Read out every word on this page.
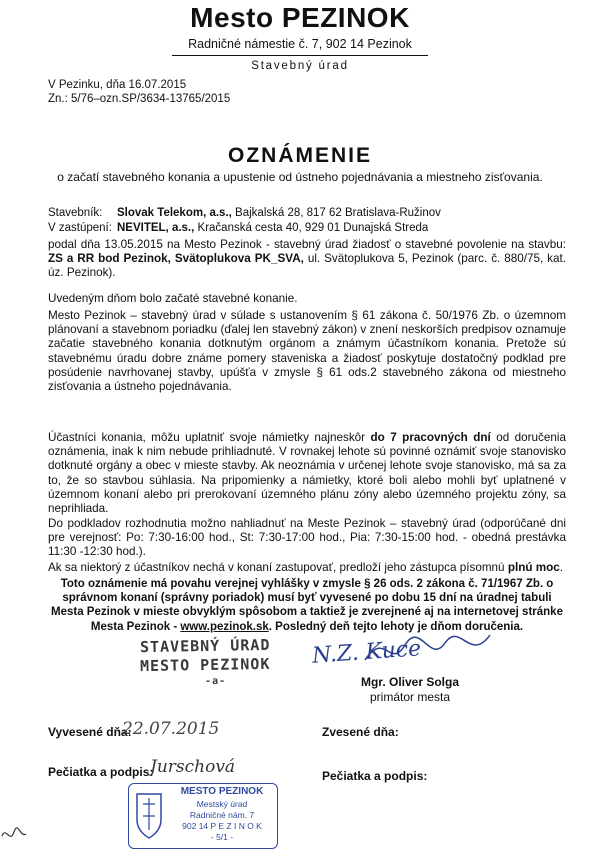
Mesto PEZINOK
Radničné námestie č. 7, 902 14 Pezinok
Stavebný úrad
V Pezinku, dňa 16.07.2015
Zn.: 5/76–ozn.SP/3634-13765/2015
OZNÁMENIE
o začatí stavebného konania a upustenie od ústneho pojednávania a miestneho zisťovania.
Stavebník: Slovak Telekom, a.s., Bajkalská 28, 817 62 Bratislava-Ružinov
V zastúpení: NEVITEL, a.s., Kračanská cesta 40, 929 01 Dunajská Streda
podal dňa 13.05.2015 na Mesto Pezinok - stavebný úrad žiadosť o stavebné povolenie na stavbu: ZS a RR bod Pezinok, Svätoplukova PK_SVA, ul. Svätoplukova 5, Pezinok (parc. č. 880/75, kat. úz. Pezinok).
Uvedeným dňom bolo začaté stavebné konanie.
Mesto Pezinok – stavebný úrad v súlade s ustanovením § 61 zákona č. 50/1976 Zb. o územnom plánovaní a stavebnom poriadku (ďalej len stavebný zákon) v znení neskorších predpisov oznamuje začatie stavebného konania dotknutým orgánom a známym účastníkom konania. Pretože sú stavebnému úradu dobre známe pomery staveniska a žiadosť poskytuje dostatočný podklad pre posúdenie navrhovanej stavby, upúšťa v zmysle § 61 ods.2 stavebného zákona od miestneho zisťovania a ústneho pojednávania.
Účastníci konania, môžu uplatniť svoje námietky najneskôr do 7 pracovných dní od doručenia oznámenia, inak k nim nebude prihliadnuté. V rovnakej lehote sú povinné oznámiť svoje stanovisko dotknuté orgány a obec v mieste stavby. Ak neoznámia v určenej lehote svoje stanovisko, má sa za to, že so stavbou súhlasia. Na pripomienky a námietky, ktoré boli alebo mohli byť uplatnené v územnom konaní alebo pri prerokovaní územného plánu zóny alebo územného projektu zóny, sa neprihliada.
Do podkladov rozhodnutia možno nahliadnuť na Meste Pezinok – stavebný úrad (odporúčané dni pre verejnosť: Po: 7:30-16:00 hod., St: 7:30-17:00 hod., Pia: 7:30-15:00 hod. - obedná prestávka 11:30 -12:30 hod.).
Ak sa niektorý z účastníkov nechá v konaní zastupovať, predloží jeho zástupca písomnú plnú moc.
Toto oznámenie má povahu verejnej vyhlášky v zmysle § 26 ods. 2 zákona č. 71/1967 Zb. o správnom konaní (správny poriadok) musí byť vyvesené po dobu 15 dní na úradnej tabuli Mesta Pezinok v mieste obvyklým spôsobom a taktiež je zverejnené aj na internetovej stránke Mesta Pezinok - www.pezinok.sk. Posledný deň tejto lehoty je dňom doručenia.
STAVEBNÝ ÚRAD
MESTO PEZINOK
-a-
N.Z. Kuce
Mgr. Oliver Solga
primátor mesta
Vyvesené dňa:
22.07.2015	Zvesené dňa:
Pečiatka a podpis:
Jurschová	Pečiatka a podpis:
MESTO PEZINOK
Mestský úrad
Radničné nám. 7
902 14 P E Z I N O K
- 5/1 -
